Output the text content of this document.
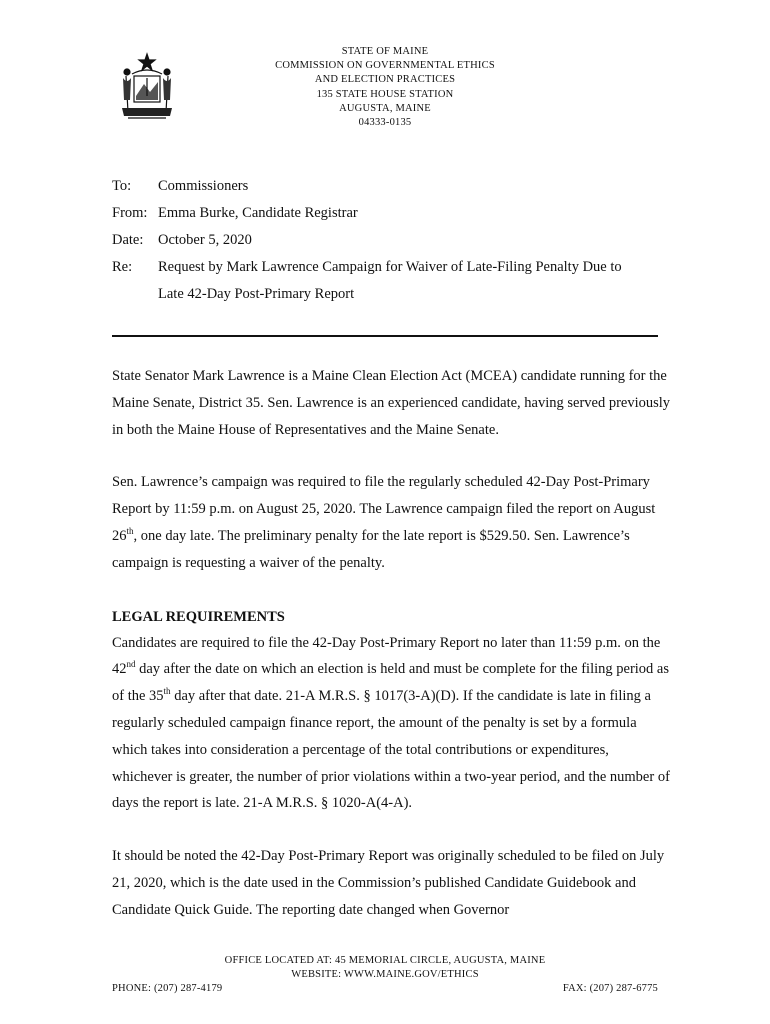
STATE OF MAINE
COMMISSION ON GOVERNMENTAL ETHICS
AND ELECTION PRACTICES
135 STATE HOUSE STATION
AUGUSTA, MAINE
04333-0135
To:	Commissioners
From: Emma Burke, Candidate Registrar
Date:	October 5, 2020
Re:	Request by Mark Lawrence Campaign for Waiver of Late-Filing Penalty Due to
Late 42-Day Post-Primary Report

State Senator Mark Lawrence is a Maine Clean Election Act (MCEA) candidate running for the Maine Senate, District 35. Sen. Lawrence is an experienced candidate, having served previously in both the Maine House of Representatives and the Maine Senate.

Sen. Lawrence’s campaign was required to file the regularly scheduled 42-Day Post-Primary Report by 11:59 p.m. on August 25, 2020. The Lawrence campaign filed the report on August 26th, one day late. The preliminary penalty for the late report is $529.50. Sen. Lawrence’s campaign is requesting a waiver of the penalty.

LEGAL REQUIREMENTS

Candidates are required to file the 42-Day Post-Primary Report no later than 11:59 p.m. on the 42nd day after the date on which an election is held and must be complete for the filing period as of the 35th day after that date. 21-A M.R.S. § 1017(3-A)(D). If the candidate is late in filing a regularly scheduled campaign finance report, the amount of the penalty is set by a formula which takes into consideration a percentage of the total contributions or expenditures, whichever is greater, the number of prior violations within a two-year period, and the number of days the report is late. 21-A M.R.S. § 1020-A(4-A).

It should be noted the 42-Day Post-Primary Report was originally scheduled to be filed on July 21, 2020, which is the date used in the Commission’s published Candidate Guidebook and Candidate Quick Guide. The reporting date changed when Governor

OFFICE LOCATED AT: 45 MEMORIAL CIRCLE, AUGUSTA, MAINE
WEBSITE: WWW.MAINE.GOV/ETHICS
PHONE: (207) 287-4179	FAX: (207) 287-6775
